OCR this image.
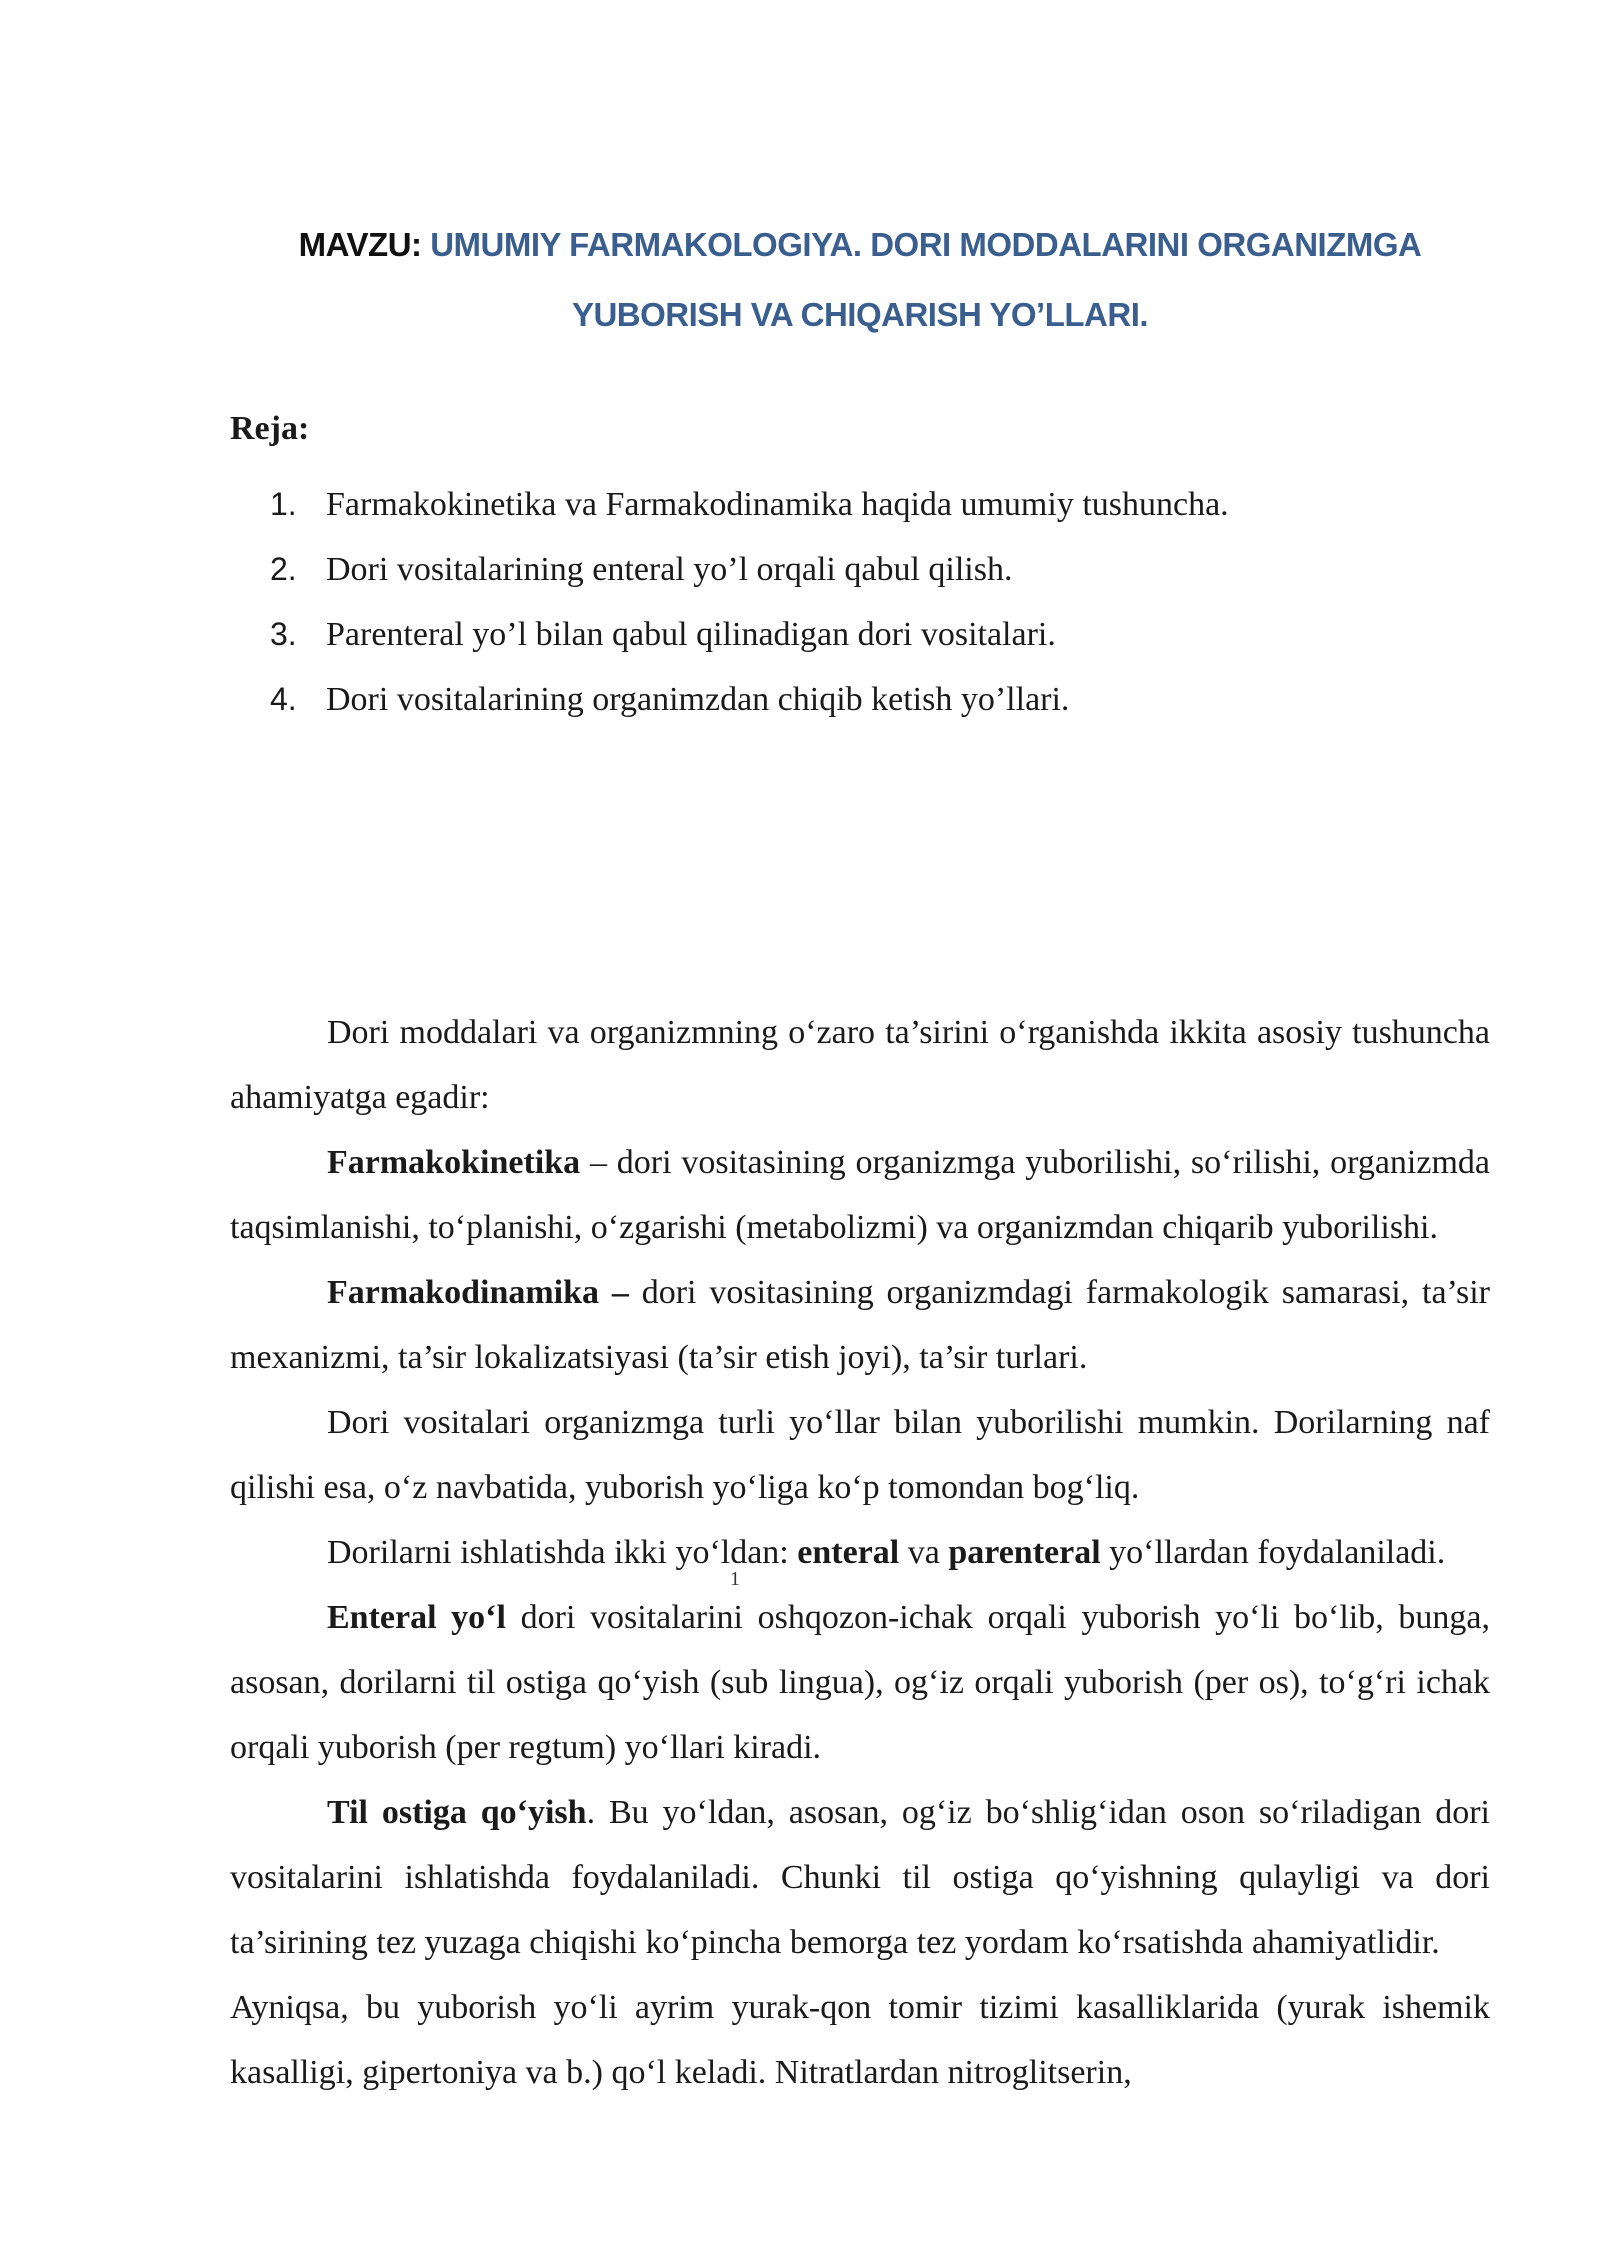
MAVZU: UMUMIY FARMAKOLOGIYA. DORI MODDALARINI ORGANIZMGA
YUBORISH VA CHIQARISH YO’LLARI.

Reja:

1. Farmakokinetika va Farmakodinamika haqida umumiy tushuncha.
2. Dori vositalarining enteral yo’l orqali qabul qilish.
3. Parenteral yo’l bilan qabul qilinadigan dori vositalari.
4. Dori vositalarining organimzdan chiqib ketish yo’llari.

Dori moddalari va organizmning o‘zaro ta’sirini o‘rganishda ikkita asosiy tushuncha ahamiyatga egadir:

Farmakokinetika – dori vositasining organizmga yuborilishi, so‘rilishi, organizmda taqsimlanishi, to‘planishi, o‘zgarishi (metabolizmi) va organizmdan chiqarib yuborilishi.

Farmakodinamika – dori vositasining organizmdagi farmakologik samarasi, ta’sir mexanizmi, ta’sir lokalizatsiyasi (ta’sir etish joyi), ta’sir turlari.

Dori vositalari organizmga turli yo‘llar bilan yuborilishi mumkin. Dorilarning naf qilishi esa, o‘z navbatida, yuborish yo‘liga ko‘p tomondan bog‘liq.

Dorilarni ishlatishda ikki yo‘ldan: enteral va parenteral yo‘llardan foydalaniladi.

Enteral yo‘l dori vositalarini oshqozon-ichak orqali yuborish yo‘li bo‘lib, bunga, asosan, dorilarni til ostiga qo‘yish (sub lingua), og‘iz orqali yuborish (per os), to‘g‘ri ichak orqali yuborish (per regtum) yo‘llari kiradi.

Til ostiga qo‘yish. Bu yo‘ldan, asosan, og‘iz bo‘shlig‘idan oson so‘riladigan dori vositalarini ishlatishda foydalaniladi. Chunki til ostiga qo‘yishning qulayligi va dori ta’sirining tez yuzaga chiqishi ko‘pincha bemorga tez yordam ko‘rsatishda ahamiyatlidir.

Ayniqsa, bu yuborish yo‘li ayrim yurak-qon tomir tizimi kasalliklarida (yurak ishemik kasalligi, gipertoniya va b.) qo‘l keladi. Nitratlardan nitroglitserin,

1
